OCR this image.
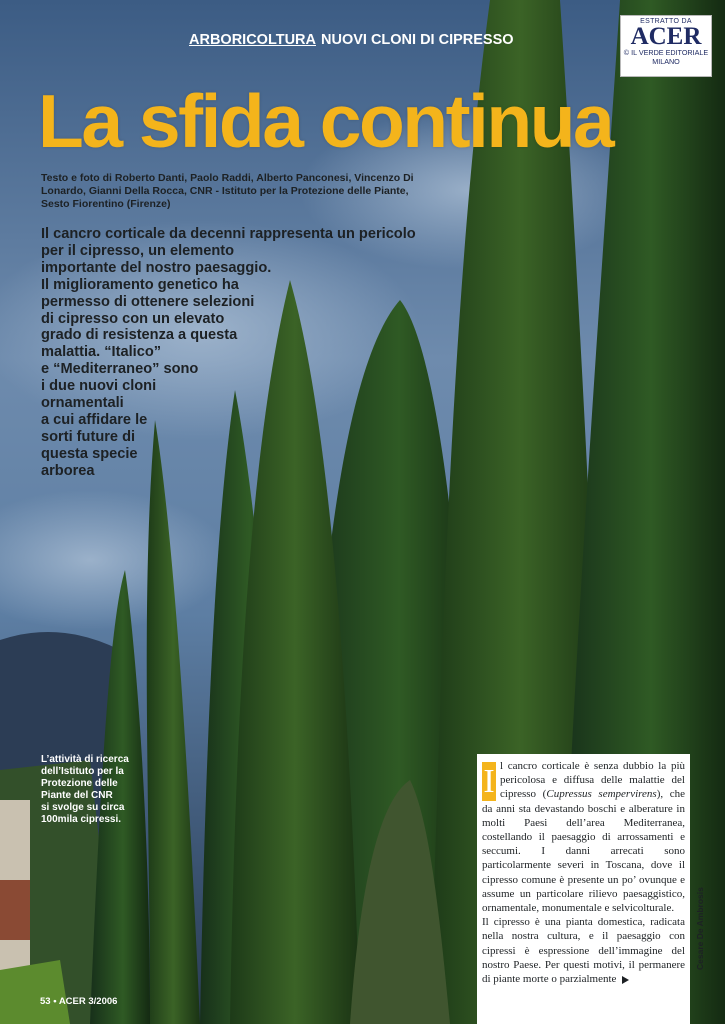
ARBORICOLTURA NUOVI CLONI DI CIPRESSO
ESTRATTO DA
ACER
© IL VERDE EDITORIALE
MILANO
La sfida continua
Testo e foto di Roberto Danti, Paolo Raddi, Alberto Panconesi, Vincenzo Di Lonardo, Gianni Della Rocca, CNR - Istituto per la Protezione delle Piante, Sesto Fiorentino (Firenze)
Il cancro corticale da decenni rappresenta un pericolo
per il cipresso, un elemento
importante del nostro paesaggio.
Il miglioramento genetico ha
permesso di ottenere selezioni
di cipresso con un elevato
grado di resistenza a questa
malattia. “Italico”
e “Mediterraneo” sono
i due nuovi cloni
ornamentali
a cui affidare le
sorti future di
questa specie
arborea
L’attività di ricerca
dell’Istituto per la
Protezione delle
Piante del CNR
si svolge su circa
100mila cipressi.

I l cancro corticale è senza dubbio la più pericolosa e diffusa delle malattie del cipresso (Cupressus sempervirens), che da anni sta devastando boschi e alberature in molti Paesi dell’area Mediterranea, costellando il paesaggio di arrossamenti e seccumi. I danni arrecati sono particolarmente severi in Toscana, dove il cipresso comune è presente un po’ ovunque e assume un particolare rilievo paesaggistico, ornamentale, monumentale e selvicolturale.

Il cipresso è una pianta domestica, radicata nella nostra cultura, e il paesaggio con cipressi è espressione dell’immagine del nostro Paese. Per questi motivi, il permanere di piante morte o parzialmente

Cesare De Ambrosis
53 • ACER 3/2006
